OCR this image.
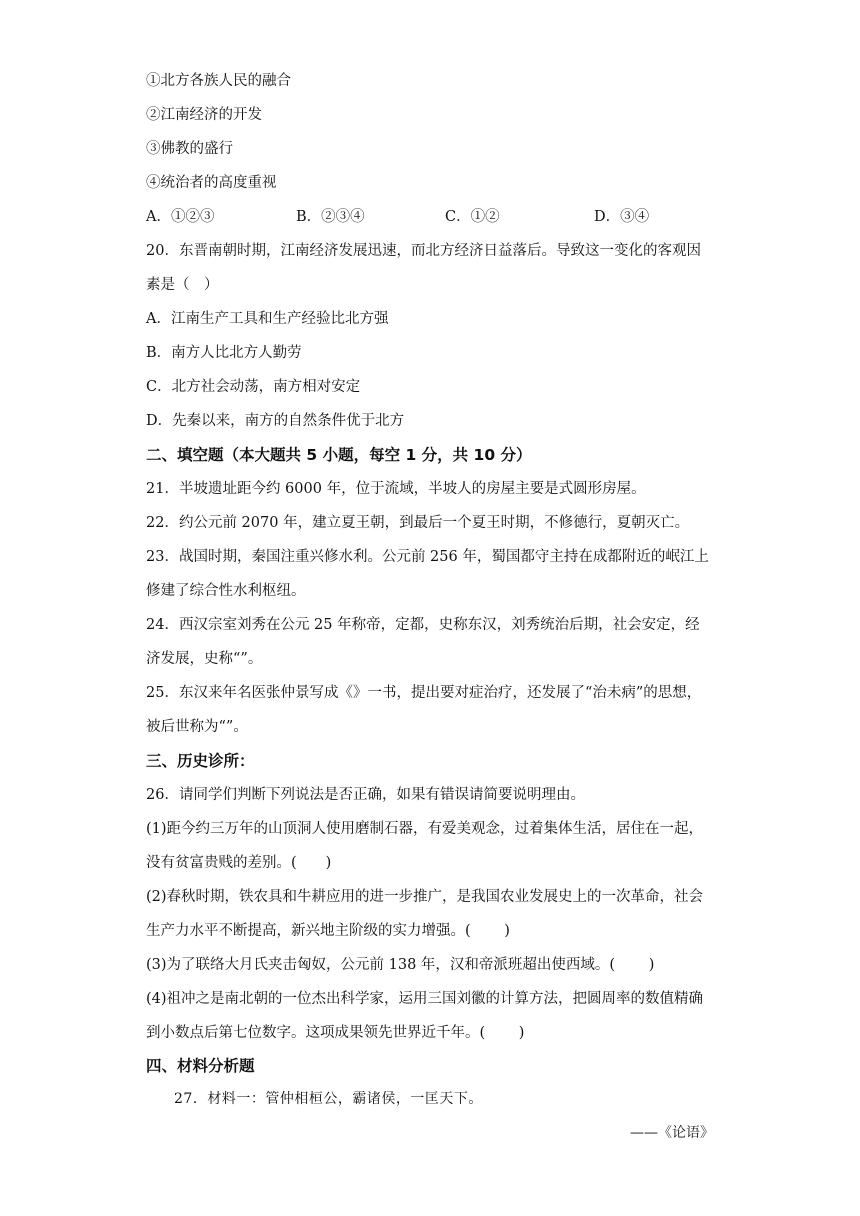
①北方各族人民的融合
②江南经济的开发
③佛教的盛行
④统治者的高度重视
A．①②③	B．②③④	C．①②	D．③④
20．东晋南朝时期，江南经济发展迅速，而北方经济日益落后。导致这一变化的客观因
素是（　）
A．江南生产工具和生产经验比北方强
B．南方人比北方人勤劳
C．北方社会动荡，南方相对安定
D．先秦以来，南方的自然条件优于北方
二、填空题（本大题共 5 小题，每空 1 分，共 10 分）
21．半坡遗址距今约 6000 年，位于流域，半坡人的房屋主要是式圆形房屋。
22．约公元前 2070 年，建立夏王朝，到最后一个夏王时期，不修德行，夏朝灭亡。
23．战国时期，秦国注重兴修水利。公元前 256 年，蜀国都守主持在成都附近的岷江上
修建了综合性水利枢纽。
24．西汉宗室刘秀在公元 25 年称帝，定都，史称东汉，刘秀统治后期，社会安定，经
济发展，史称“”。
25．东汉来年名医张仲景写成《》一书，提出要对症治疗，还发展了“治未病”的思想，
被后世称为“”。
三、历史诊所：
26．请同学们判断下列说法是否正确，如果有错误请简要说明理由。
(1)距今约三万年的山顶洞人使用磨制石器，有爱美观念，过着集体生活，居住在一起，
没有贫富贵贱的差别。(　　)
(2)春秋时期，铁农具和牛耕应用的进一步推广，是我国农业发展史上的一次革命，社会
生产力水平不断提高，新兴地主阶级的实力增强。(　　 )
(3)为了联络大月氏夹击匈奴，公元前 138 年，汉和帝派班超出使西域。(　　 )
(4)祖冲之是南北朝的一位杰出科学家，运用三国刘徽的计算方法，把圆周率的数值精确
到小数点后第七位数字。这项成果领先世界近千年。(　　 )
四、材料分析题
27．材料一：管仲相桓公，霸诸侯，一匡天下。
——《论语》
